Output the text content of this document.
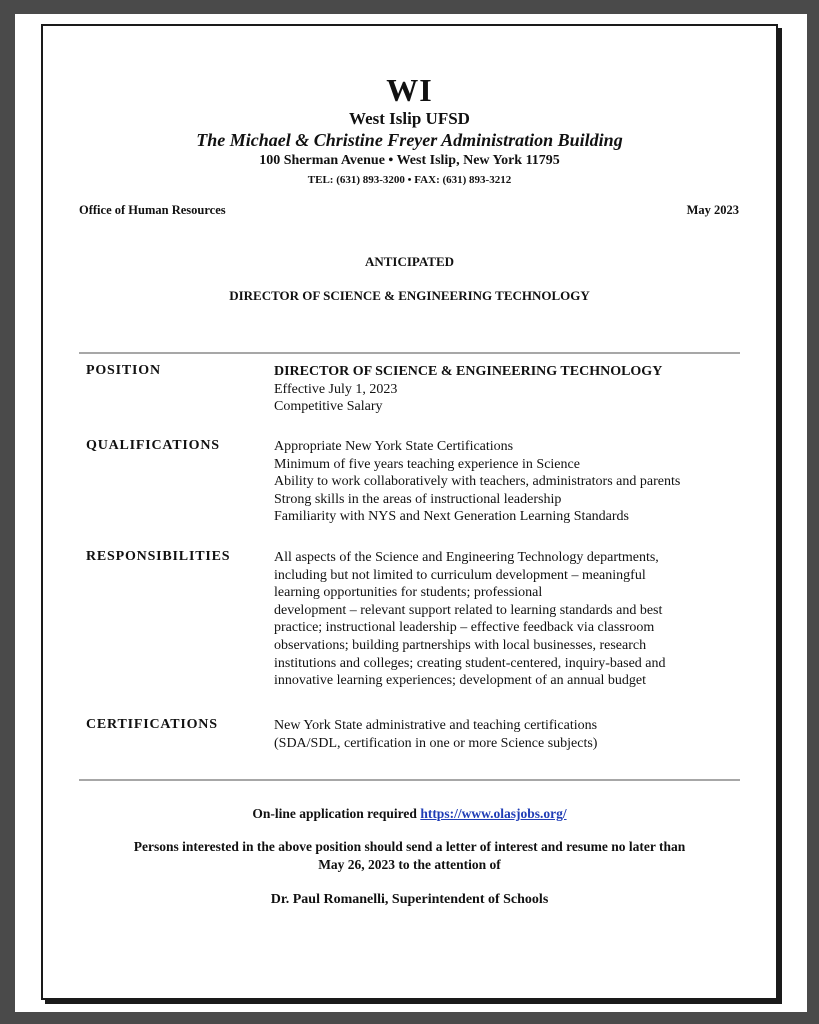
WI
West Islip UFSD
The Michael & Christine Freyer Administration Building
100 Sherman Avenue • West Islip, New York 11795
TEL: (631) 893-3200 • FAX: (631) 893-3212
Office of Human Resources	May 2023
ANTICIPATED
DIRECTOR OF SCIENCE & ENGINEERING TECHNOLOGY
POSITION	DIRECTOR OF SCIENCE & ENGINEERING TECHNOLOGY
Effective July 1, 2023
Competitive Salary
QUALIFICATIONS	Appropriate New York State Certifications
Minimum of five years teaching experience in Science
Ability to work collaboratively with teachers, administrators and parents
Strong skills in the areas of instructional leadership
Familiarity with NYS and Next Generation Learning Standards
RESPONSIBILITIES	All aspects of the Science and Engineering Technology departments,
including but not limited to curriculum development – meaningful
learning opportunities for students; professional
development – relevant support related to learning standards and best
practice; instructional leadership – effective feedback via classroom
observations; building partnerships with local businesses, research
institutions and colleges; creating student-centered, inquiry-based and
innovative learning experiences; development of an annual budget
CERTIFICATIONS	New York State administrative and teaching certifications
(SDA/SDL, certification in one or more Science subjects)
On-line application required https://www.olasjobs.org/
Persons interested in the above position should send a letter of interest and resume no later than
May 26, 2023 to the attention of
Dr. Paul Romanelli, Superintendent of Schools
